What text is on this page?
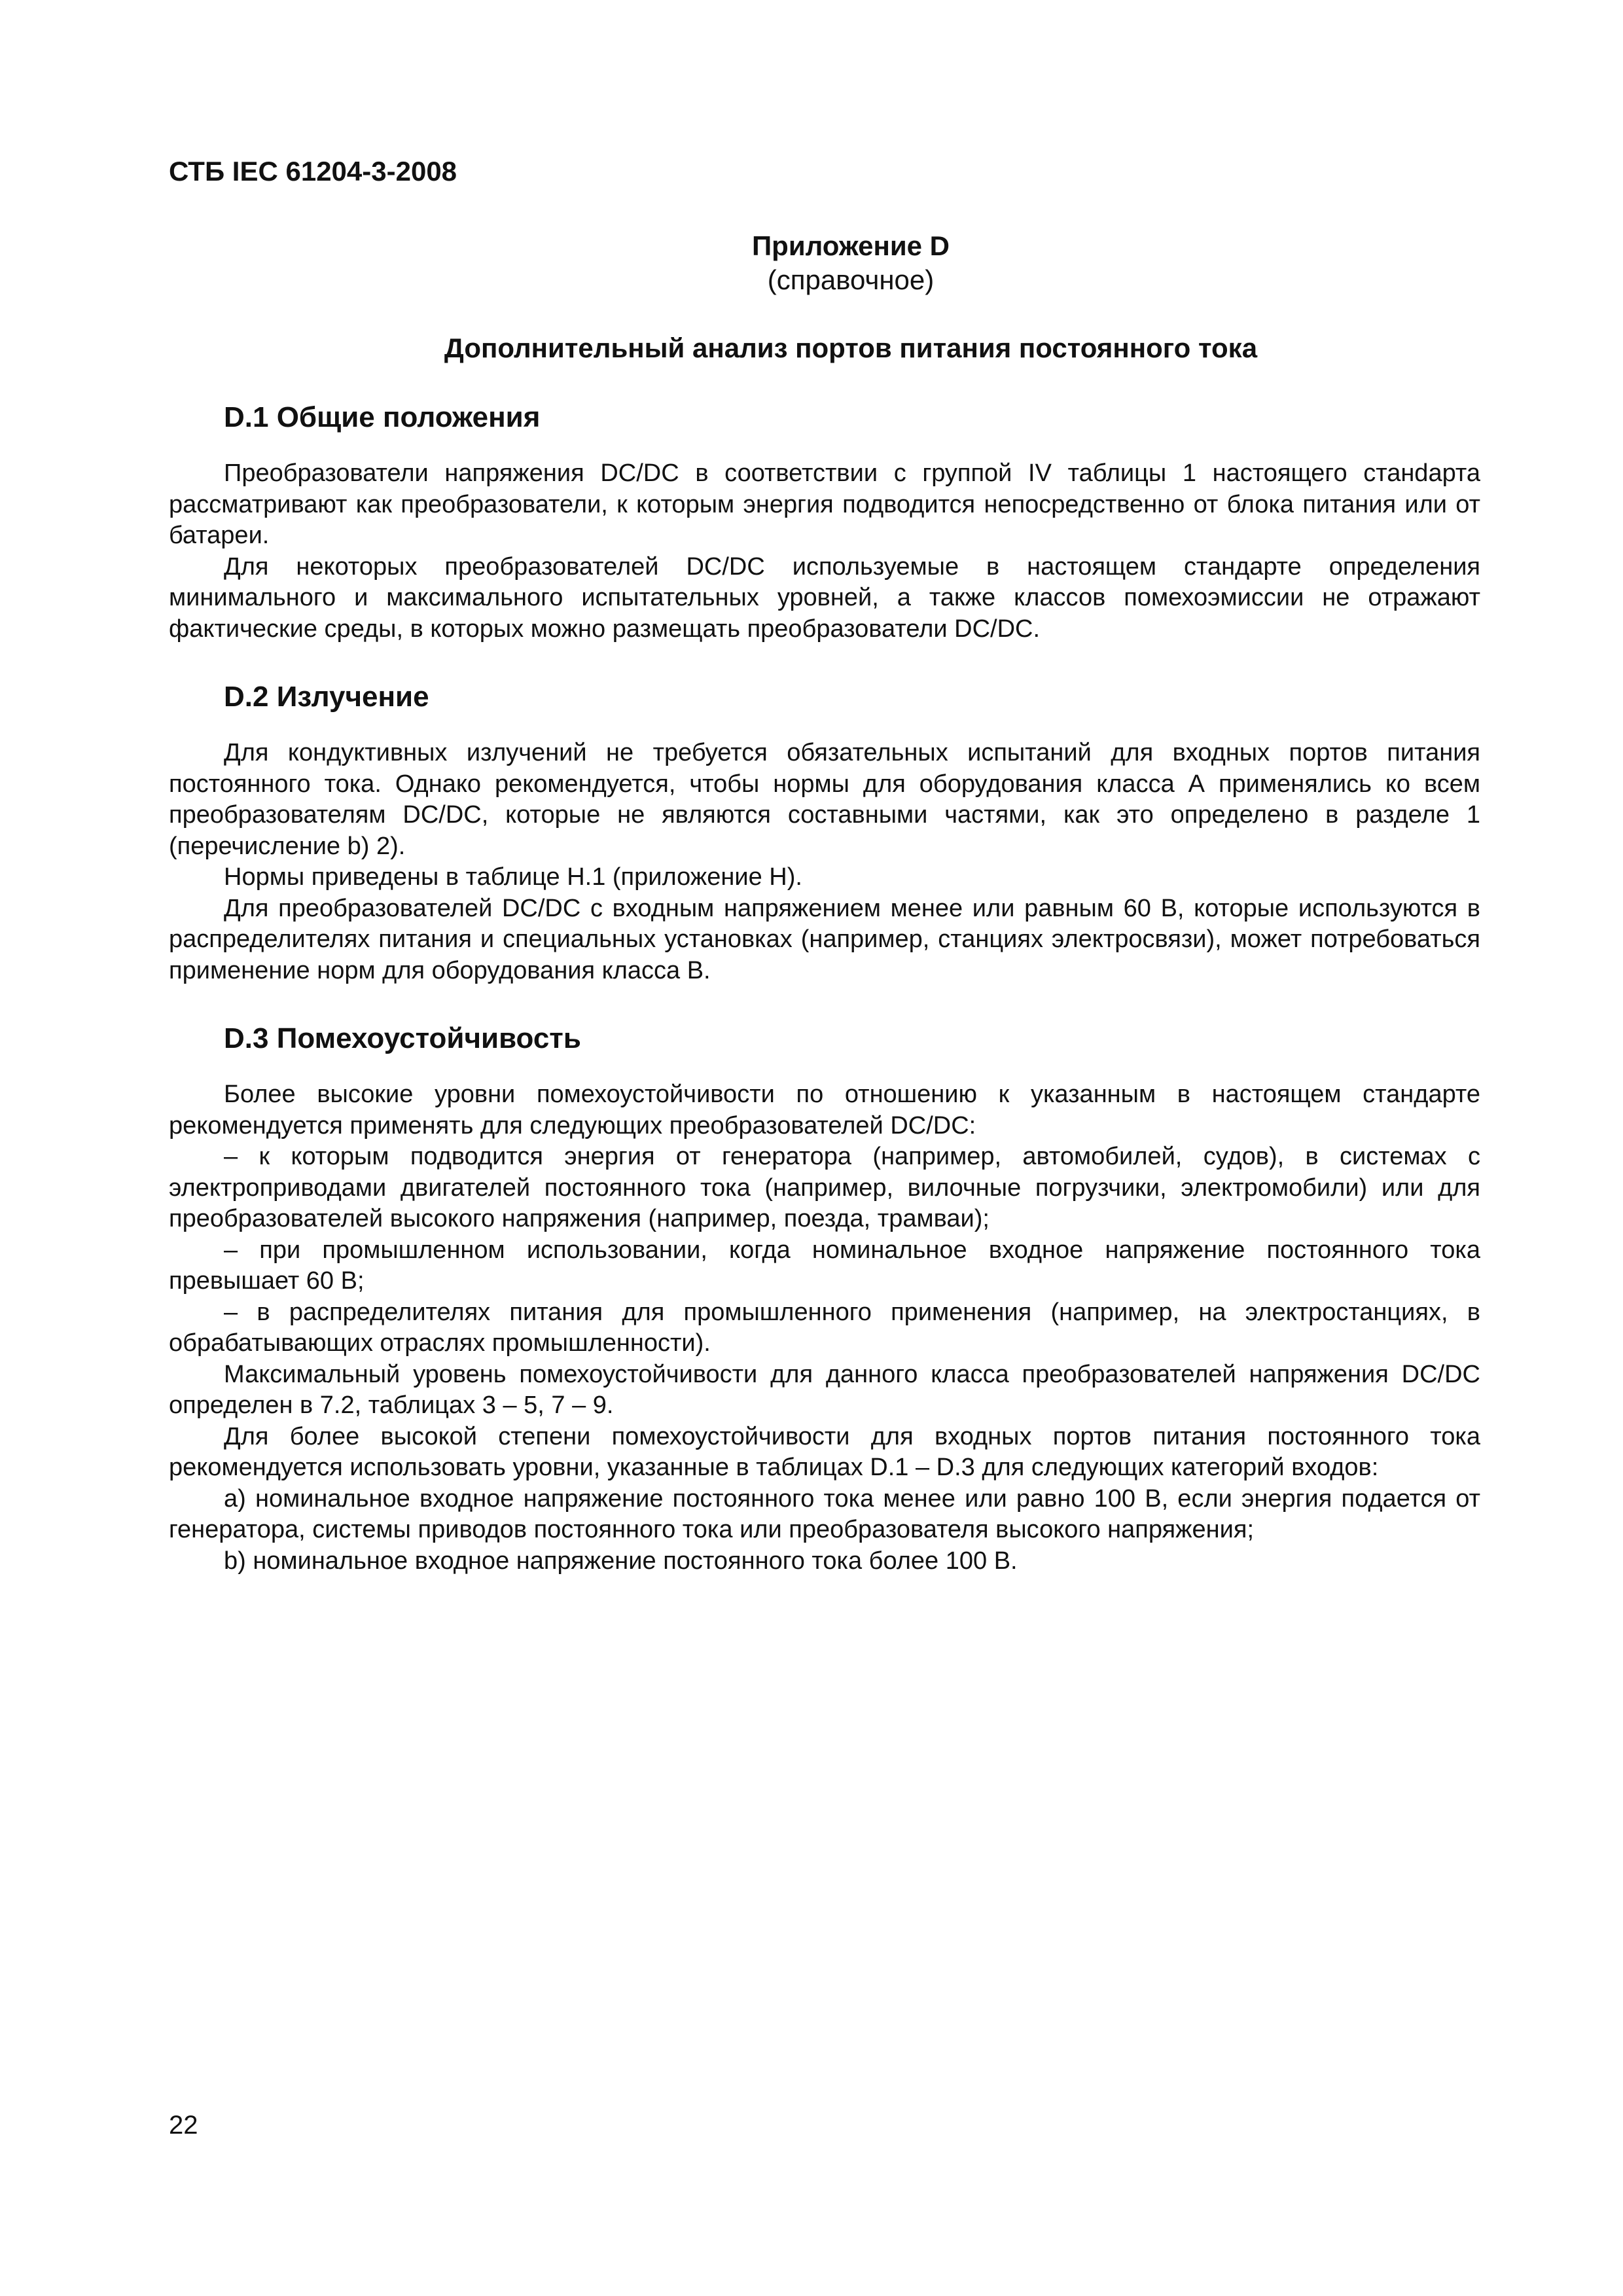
СТБ IEC 61204-3-2008
Приложение D
(справочное)
Дополнительный анализ портов питания постоянного тока
D.1 Общие положения

Преобразователи напряжения DC/DC в соответствии с группой IV таблицы 1 настоящего станdарта рассматривают как преобразователи, к которым энергия подводится непосредственно от блока питания или от батареи.

Для некоторых преобразователей DC/DC используемые в настоящем стандарте определения минимального и максимального испытательных уровней, а также классов помехоэмиссии не отражают фактические среды, в которых можно размещать преобразователи DC/DC.

D.2 Излучение

Для кондуктивных излучений не требуется обязательных испытаний для входных портов питания постоянного тока. Однако рекомендуется, чтобы нормы для оборудования класса А применялись ко всем преобразователям DC/DC, которые не являются составными частями, как это определено в разделе 1 (перечисление b) 2).

Нормы приведены в таблице Н.1 (приложение Н).

Для преобразователей DC/DC с входным напряжением менее или равным 60 В, которые используются в распределителях питания и специальных установках (например, станциях электросвязи), может потребоваться применение норм для оборудования класса В.

D.3 Помехоустойчивость

Более высокие уровни помехоустойчивости по отношению к указанным в настоящем стандарте рекомендуется применять для следующих преобразователей DC/DC:

– к которым подводится энергия от генератора (например, автомобилей, судов), в системах с электроприводами двигателей постоянного тока (например, вилочные погрузчики, электромобили) или для преобразователей высокого напряжения (например, поезда, трамваи);

– при промышленном использовании, когда номинальное входное напряжение постоянного тока превышает 60 В;

– в распределителях питания для промышленного применения (например, на электростанциях, в обрабатывающих отраслях промышленности).

Максимальный уровень помехоустойчивости для данного класса преобразователей напряжения DC/DC определен в 7.2, таблицах 3 – 5, 7 – 9.

Для более высокой степени помехоустойчивости для входных портов питания постоянного тока рекомендуется использовать уровни, указанные в таблицах D.1 – D.3 для следующих категорий входов:

а) номинальное входное напряжение постоянного тока менее или равно 100 В, если энергия подается от генератора, системы приводов постоянного тока или преобразователя высокого напряжения;

b) номинальное входное напряжение постоянного тока более 100 В.

22
